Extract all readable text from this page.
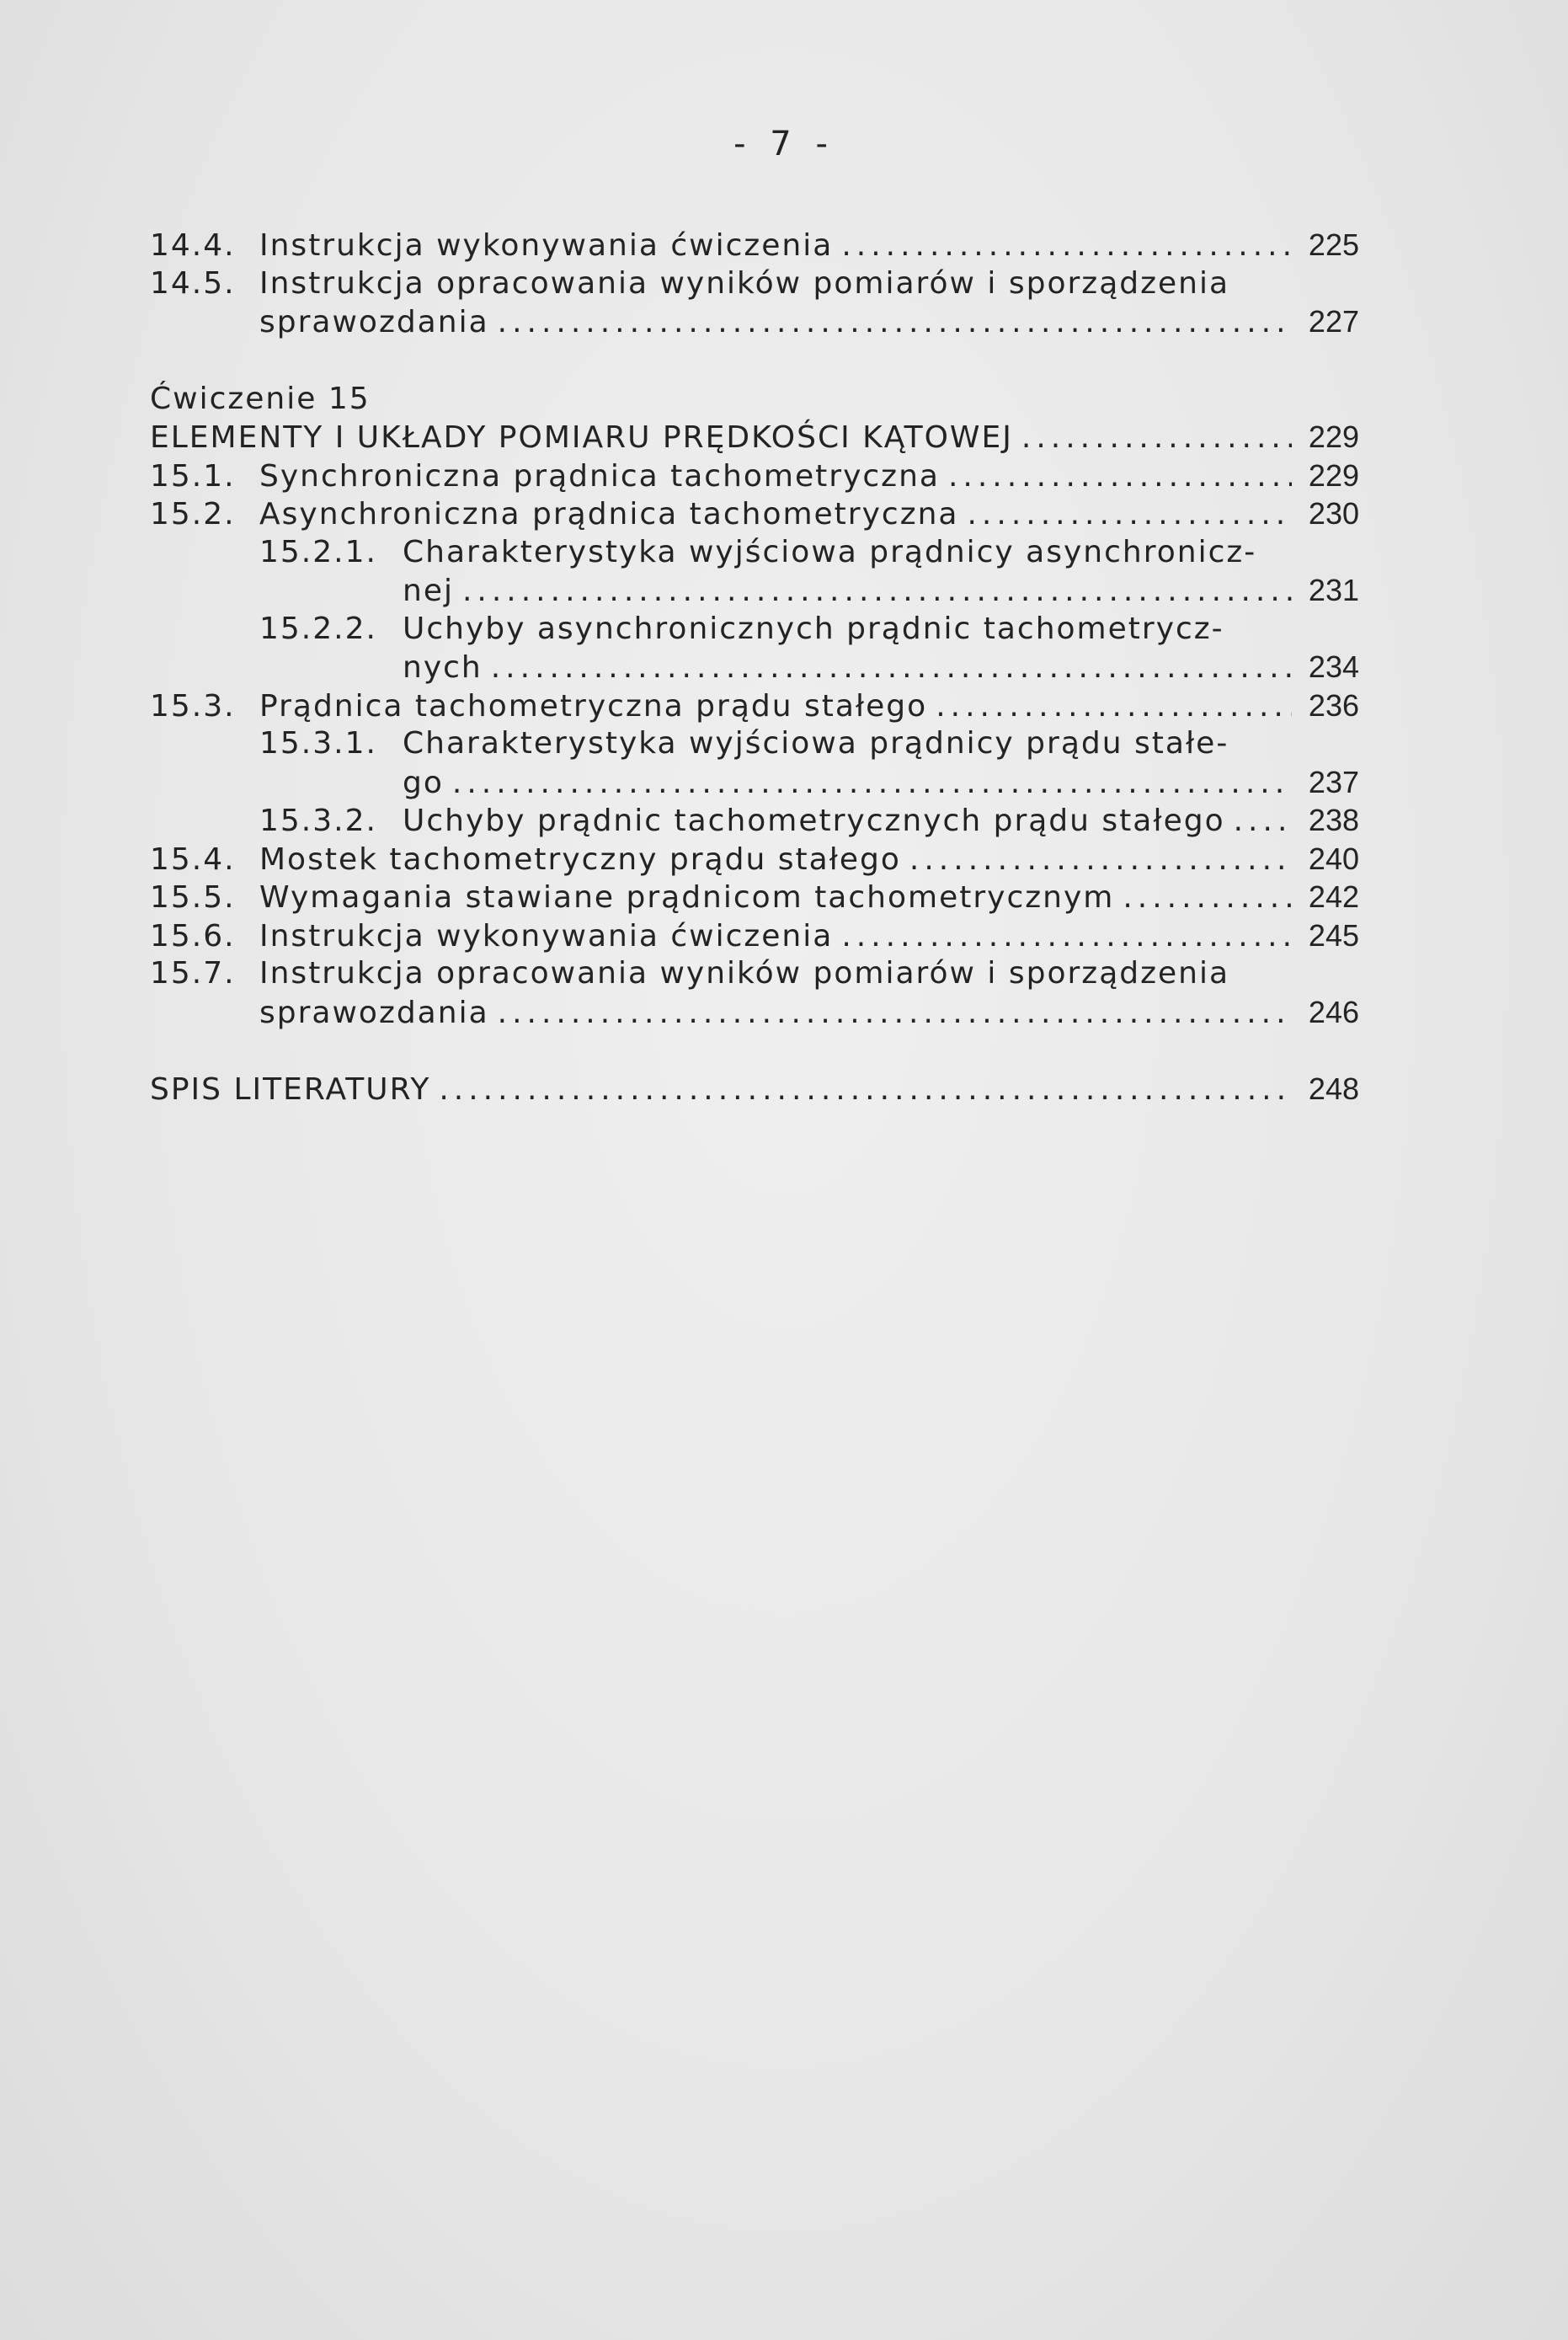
- 7 -
14.4. Instrukcja wykonywania ćwiczenia .....	225
14.5. Instrukcja opracowania wyników pomiarów i sporządzenia
sprawozdania .....	227
Ćwiczenie 15
ELEMENTY I UKŁADY POMIARU PRĘDKOŚCI KĄTOWEJ .....	229
15.1. Synchroniczna prądnica tachometryczna .....	229
15.2. Asynchroniczna prądnica tachometryczna .....	230
15.2.1. Charakterystyka wyjściowa prądnicy asynchronicz-
nej .....	231
15.2.2. Uchyby asynchronicznych prądnic tachometrycz-
nych .....	234
15.3. Prądnica tachometryczna prądu stałego .....	236
15.3.1. Charakterystyka wyjściowa prądnicy prądu stałe-
go .....	237
15.3.2. Uchyby prądnic tachometrycznych prądu stałego .....	238
15.4. Mostek tachometryczny prądu stałego .....	240
15.5. Wymagania stawiane prądnicom tachometrycznym .....	242
15.6. Instrukcja wykonywania ćwiczenia .....	245
15.7. Instrukcja opracowania wyników pomiarów i sporządzenia
sprawozdania .....	246
SPIS LITERATURY .....	248
